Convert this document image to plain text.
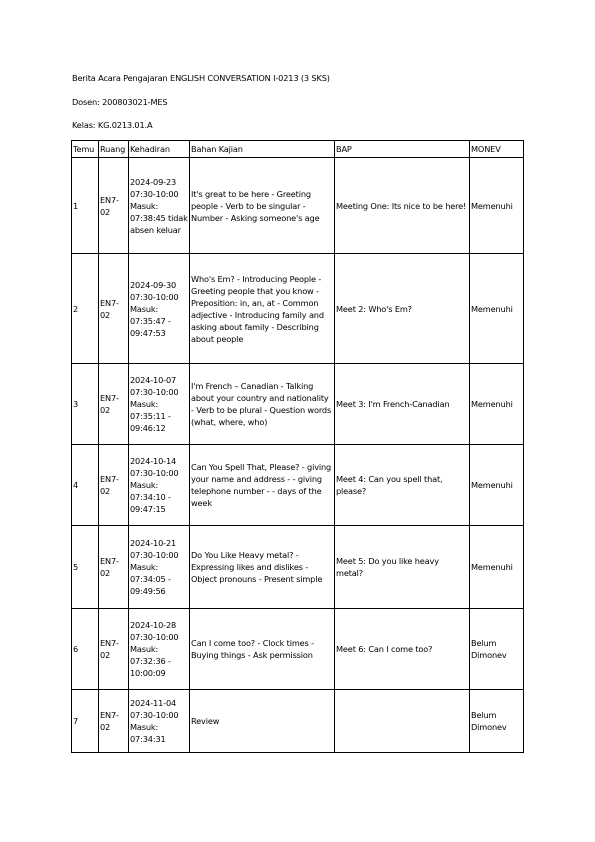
Berita Acara Pengajaran ENGLISH CONVERSATION I-0213 (3 SKS)
Dosen: 200803021-MES
Kelas: KG.0213.01.A
Temu	Ruang	Kehadiran	Bahan Kajian	BAP	MONEV
1	EN7-02	2024-09-23 07:30-10:00 Masuk: 07:38:45 tidak absen keluar	It's great to be here - Greeting people - Verb to be singular - Number - Asking someone's age	Meeting One: Its nice to be here!	Memenuhi
2	EN7-02	2024-09-30 07:30-10:00 Masuk: 07:35:47 - 09:47:53	Who's Em? - Introducing People - Greeting people that you know - Preposition: in, an, at - Common adjective - Introducing family and asking about family - Describing about people	Meet 2: Who's Em?	Memenuhi
3	EN7-02	2024-10-07 07:30-10:00 Masuk: 07:35:11 - 09:46:12	I'm French – Canadian - Talking about your country and nationality - Verb to be plural - Question words (what, where, who)	Meet 3: I'm French-Canadian	Memenuhi
4	EN7-02	2024-10-14 07:30-10:00 Masuk: 07:34:10 - 09:47:15	Can You Spell That, Please? - giving your name and address - - giving telephone number - - days of the week	Meet 4: Can you spell that, please?	Memenuhi
5	EN7-02	2024-10-21 07:30-10:00 Masuk: 07:34:05 - 09:49:56	Do You Like Heavy metal? - Expressing likes and dislikes - Object pronouns - Present simple	Meet 5: Do you like heavy metal?	Memenuhi
6	EN7-02	2024-10-28 07:30-10:00 Masuk: 07:32:36 - 10:00:09	Can I come too? - Clock times - Buying things - Ask permission	Meet 6: Can I come too?	Belum Dimonev
7	EN7-02	2024-11-04 07:30-10:00 Masuk: 07:34:31	Review		Belum Dimonev
